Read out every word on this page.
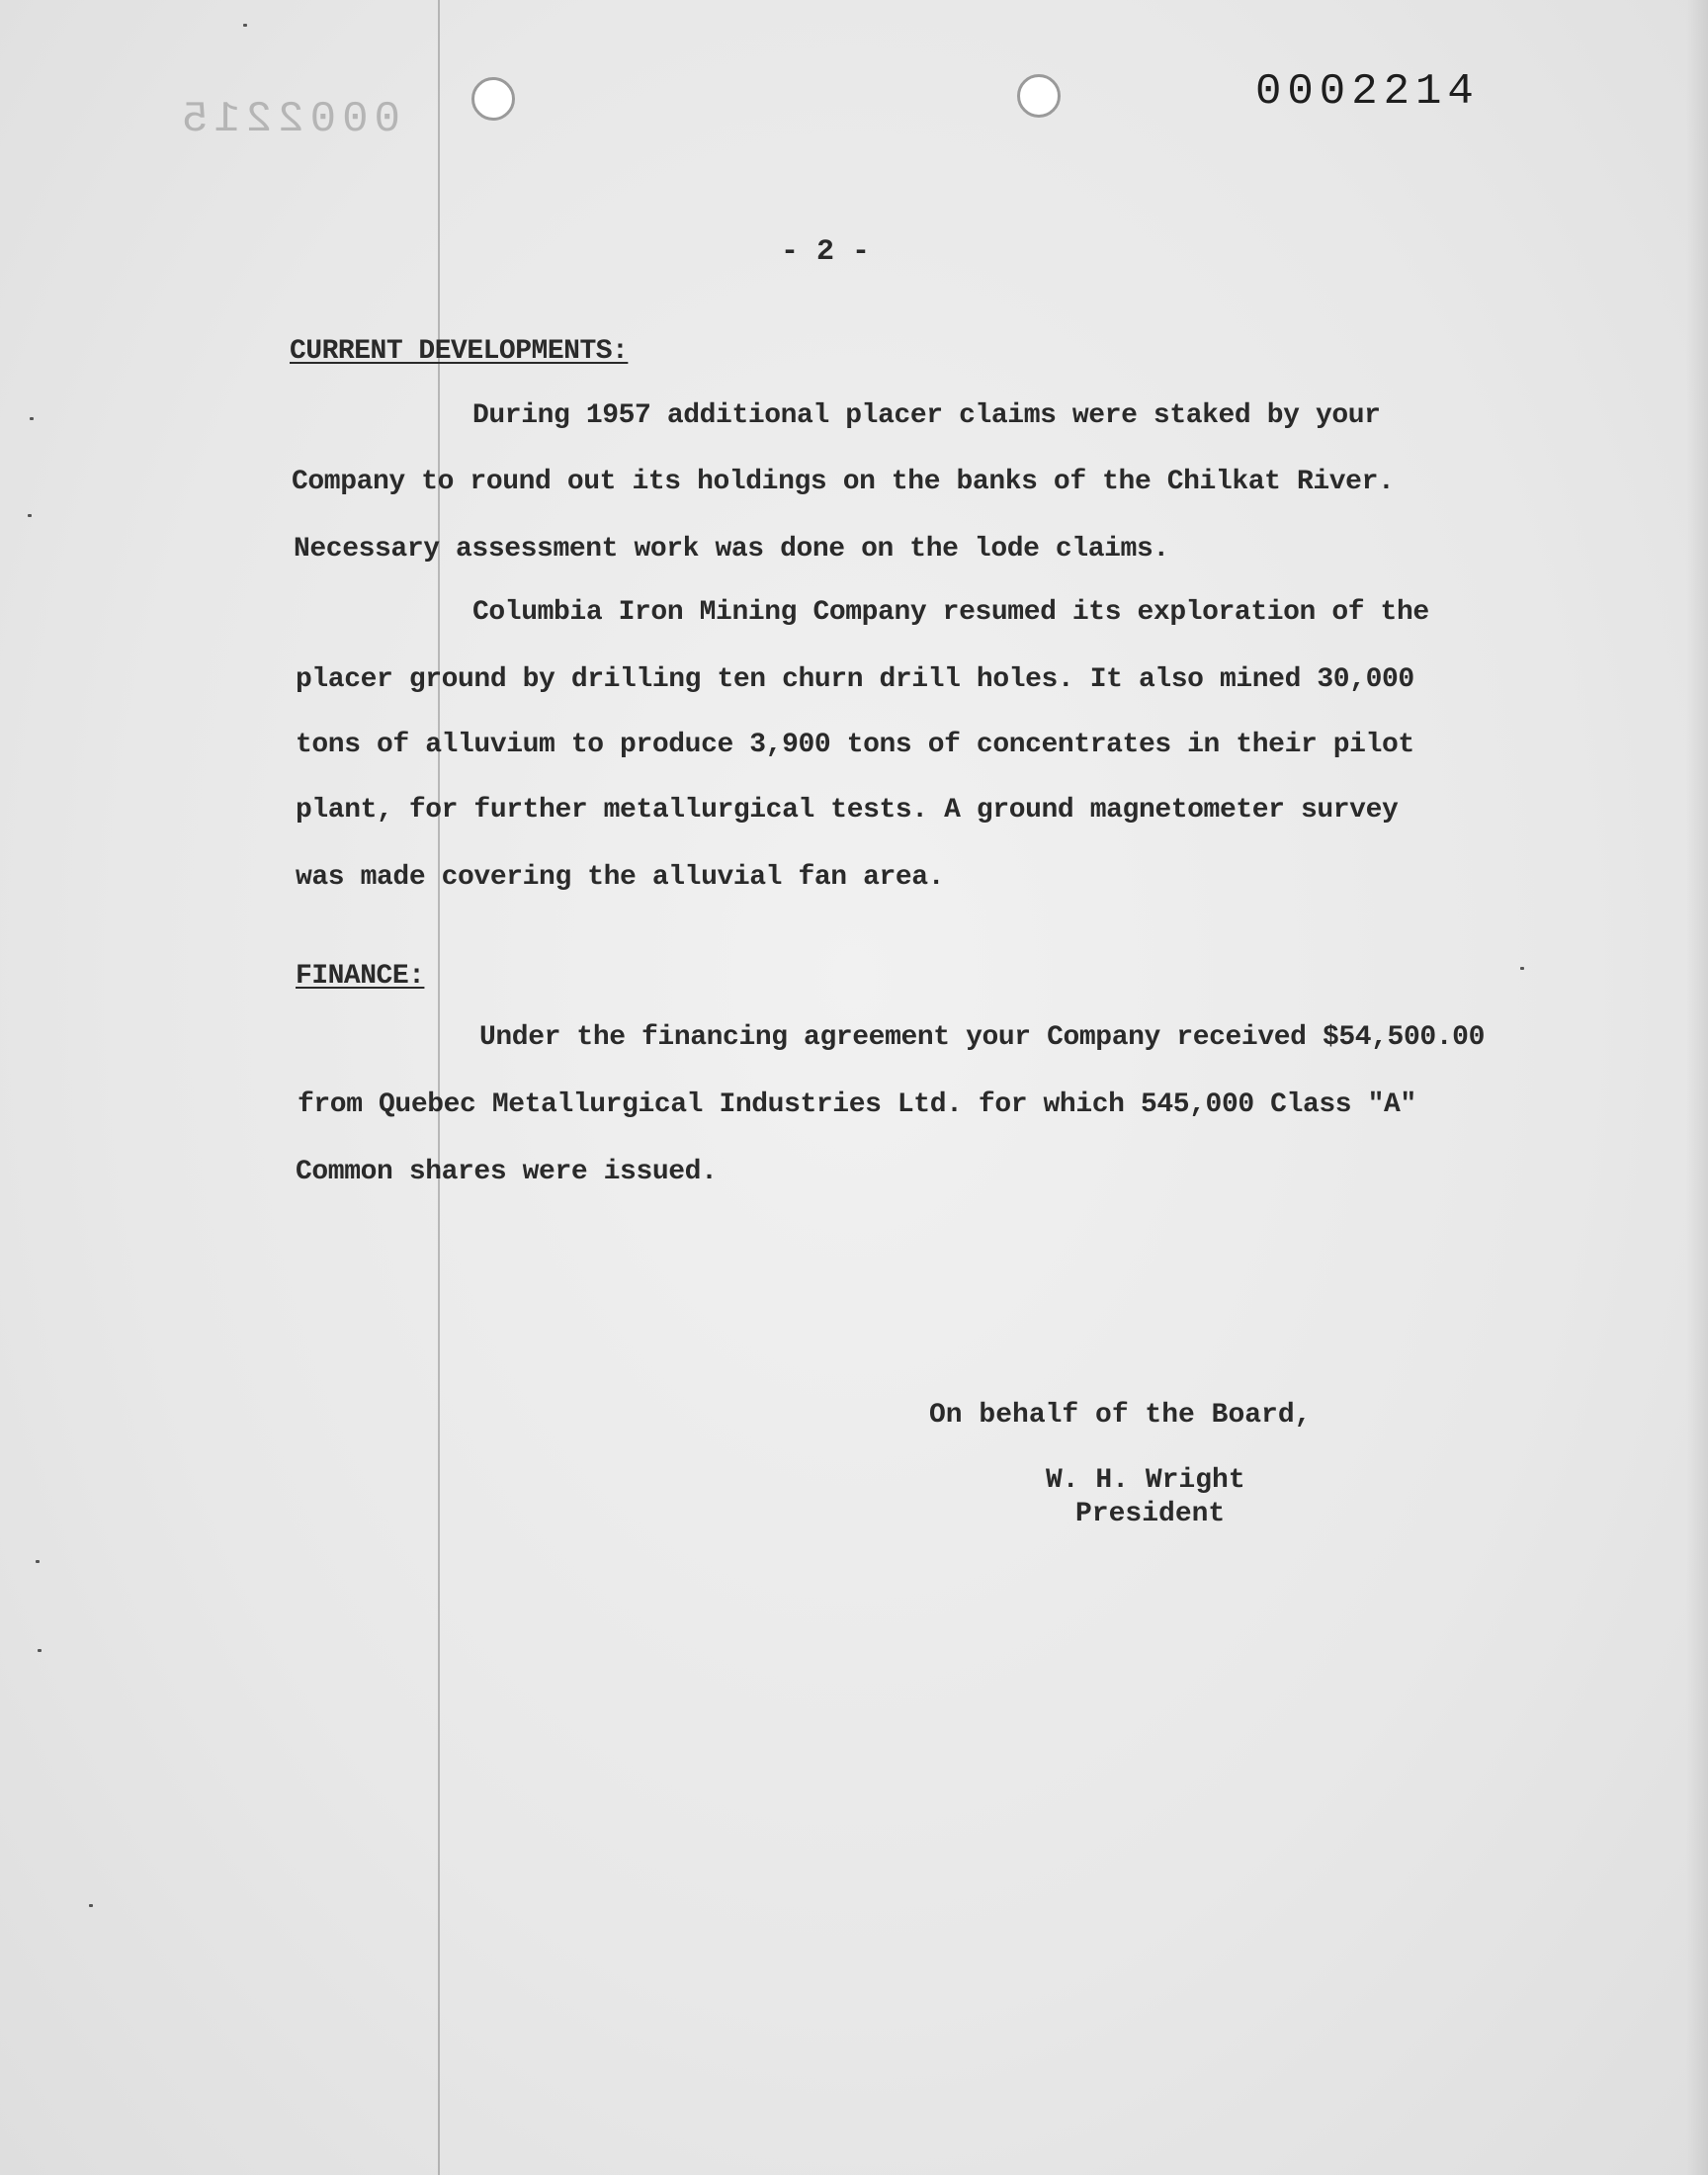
0002215
0002214
- 2 -
CURRENT DEVELOPMENTS:
During 1957 additional placer claims were staked by your
Company to round out its holdings on the banks of the Chilkat River.
Necessary assessment work was done on the lode claims.
Columbia Iron Mining Company resumed its exploration of the
placer ground by drilling ten churn drill holes. It also mined 30,000
tons of alluvium to produce 3,900 tons of concentrates in their pilot
plant, for further metallurgical tests. A ground magnetometer survey
was made covering the alluvial fan area.
FINANCE:
Under the financing agreement your Company received $54,500.00
from Quebec Metallurgical Industries Ltd. for which 545,000 Class "A"
Common shares were issued.
On behalf of the Board,
W. H. Wright
President
